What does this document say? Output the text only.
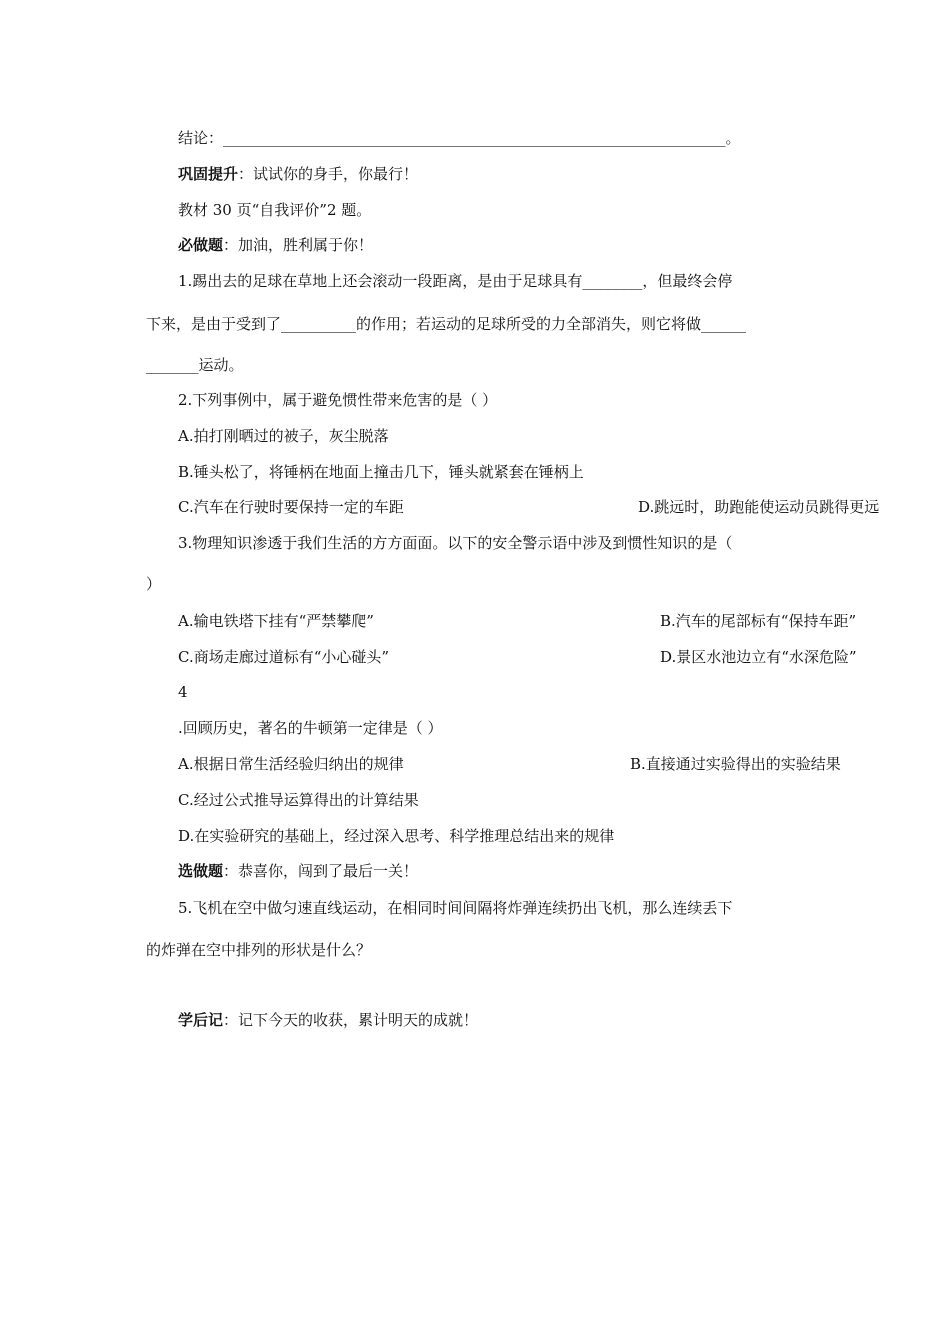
结论：___________________________________________________________________。
巩固提升：试试你的身手，你最行！
教材 30 页“自我评价”2 题。
必做题：加油，胜利属于你！
1.踢出去的足球在草地上还会滚动一段距离，是由于足球具有________，但最终会停
下来，是由于受到了__________的作用；若运动的足球所受的力全部消失，则它将做______
_______运动。
2.下列事例中，属于避免惯性带来危害的是（ ）
A.拍打刚晒过的被子，灰尘脱落
B.锤头松了，将锤柄在地面上撞击几下，锤头就紧套在锤柄上
C.汽车在行驶时要保持一定的车距	D.跳远时，助跑能使运动员跳得更远
3.物理知识渗透于我们生活的方方面面。以下的安全警示语中涉及到惯性知识的是（
）
A.输电铁塔下挂有“严禁攀爬”	B.汽车的尾部标有“保持车距”
C.商场走廊过道标有“小心碰头”	D.景区水池边立有“水深危险”
4
.回顾历史，著名的牛顿第一定律是（ ）
A.根据日常生活经验归纳出的规律	B.直接通过实验得出的实验结果
C.经过公式推导运算得出的计算结果
D.在实验研究的基础上，经过深入思考、科学推理总结出来的规律
选做题：恭喜你，闯到了最后一关！
5.飞机在空中做匀速直线运动，在相同时间间隔将炸弹连续扔出飞机，那么连续丢下
的炸弹在空中排列的形状是什么？
学后记：记下今天的收获，累计明天的成就！
